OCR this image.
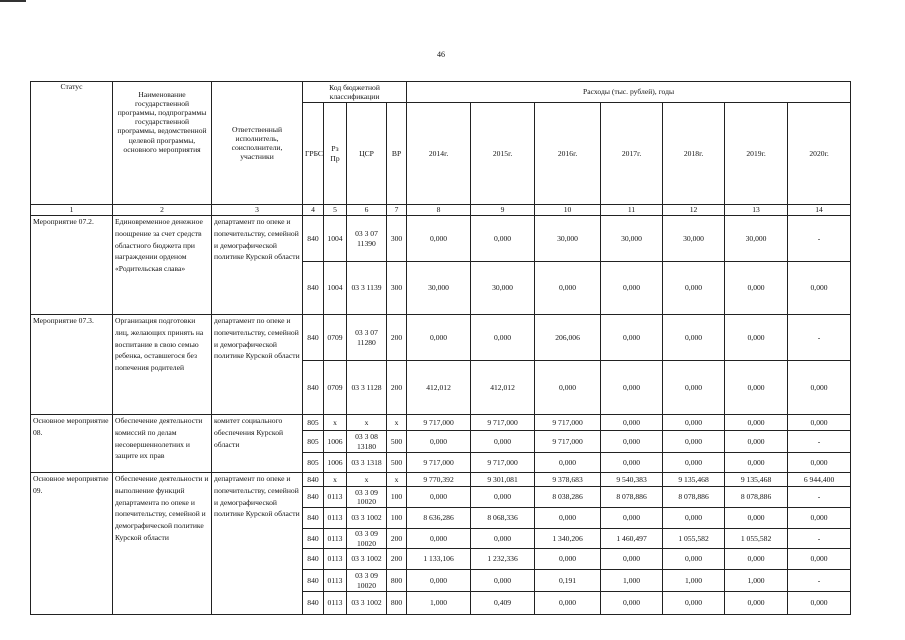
46
Статус	Наименование государственной программы, подпрограммы государственной программы, ведомственной целевой программы, основного мероприятия	Ответственный исполнитель, соисполнители, участники	Код бюджетной классификации				Расходы (тыс. рублей), годы						
			ГРБС	Рз Пр	ЦСР	ВР	2014г.	2015г.	2016г.	2017г.	2018г.	2019г.	2020г.
1	2	3	4	5	6	7	8	9	10	11	12	13	14
Мероприятие 07.2.	Единовременное денежное поощрение за счет средств областного бюджета при награждении орденом «Родительская слава»	департамент по опеке и попечительству, семейной и демографической политике Курской области	840	1004	03 3 07 11390	300	0,000	0,000	30,000	30,000	30,000	30,000	-
			840	1004	03 3 1139	300	30,000	30,000	0,000	0,000	0,000	0,000	0,000
Мероприятие 07.3.	Организация подготовки лиц, желающих принять на воспитание в свою семью ребенка, оставшегося без попечения родителей	департамент по опеке и попечительству, семейной и демографической политике Курской области	840	0709	03 3 07 11280	200	0,000	0,000	206,006	0,000	0,000	0,000	-
			840	0709	03 3 1128	200	412,012	412,012	0,000	0,000	0,000	0,000	0,000
Основное мероприятие 08.	Обеспечение деятельности комиссий по делам несовершеннолетних и защите их прав	комитет социального обеспечения Курской области	805	x	x	x	9 717,000	9 717,000	9 717,000	0,000	0,000	0,000	0,000
			805	1006	03 3 08 13180	500	0,000	0,000	9 717,000	0,000	0,000	0,000	-
			805	1006	03 3 1318	500	9 717,000	9 717,000	0,000	0,000	0,000	0,000	0,000
Основное мероприятие 09.	Обеспечение деятельности и выполнение функций департамента по опеке и попечительству, семейной и демографической политике Курской области	департамент по опеке и попечительству, семейной и демографической политике Курской области	840	x	x	x	9 770,392	9 301,081	9 378,683	9 540,383	9 135,468	9 135,468	6 944,400
			840	0113	03 3 09 10020	100	0,000	0,000	8 038,286	8 078,886	8 078,886	8 078,886	-
			840	0113	03 3 1002	100	8 636,286	8 068,336	0,000	0,000	0,000	0,000	0,000
			840	0113	03 3 09 10020	200	0,000	0,000	1 340,206	1 460,497	1 055,582	1 055,582	-
			840	0113	03 3 1002	200	1 133,106	1 232,336	0,000	0,000	0,000	0,000	0,000
			840	0113	03 3 09 10020	800	0,000	0,000	0,191	1,000	1,000	1,000	-
			840	0113	03 3 1002	800	1,000	0,409	0,000	0,000	0,000	0,000	0,000
